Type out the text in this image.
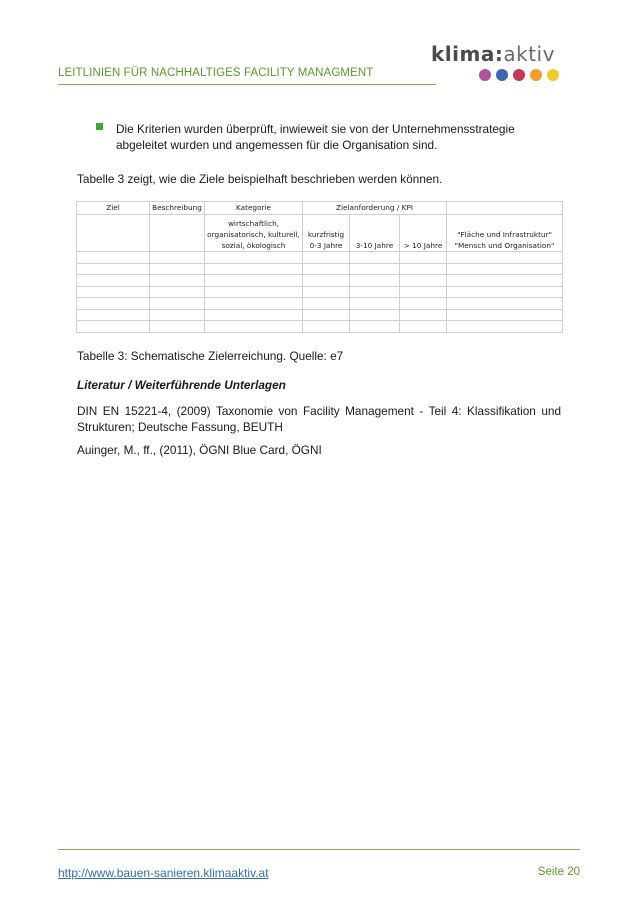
LEITLINIEN FÜR NACHHALTIGES FACILITY MANAGMENT
klima:aktiv
Die Kriterien wurden überprüft, inwieweit sie von der Unternehmensstrategie abgeleitet wurden und angemessen für die Organisation sind.
Tabelle 3 zeigt, wie die Ziele beispielhaft beschrieben werden können.
Ziel	Beschreibung	Kategorie	Zielanforderung / KPI			
		wirtschaftlich, organisatorisch, kulturell, sozial, ökologisch	kurzfristig 0-3 Jahre	3-10 Jahre	> 10 Jahre	"Fläche und Infrastruktur" "Mensch und Organisation"

Tabelle 3: Schematische Zielerreichung. Quelle: e7
Literatur / Weiterführende Unterlagen
DIN EN 15221-4, (2009) Taxonomie von Facility Management - Teil 4: Klassifikation und Strukturen; Deutsche Fassung, BEUTH
Auinger, M., ff., (2011), ÖGNI Blue Card, ÖGNI
http://www.bauen-sanieren.klimaaktiv.at	Seite 20
